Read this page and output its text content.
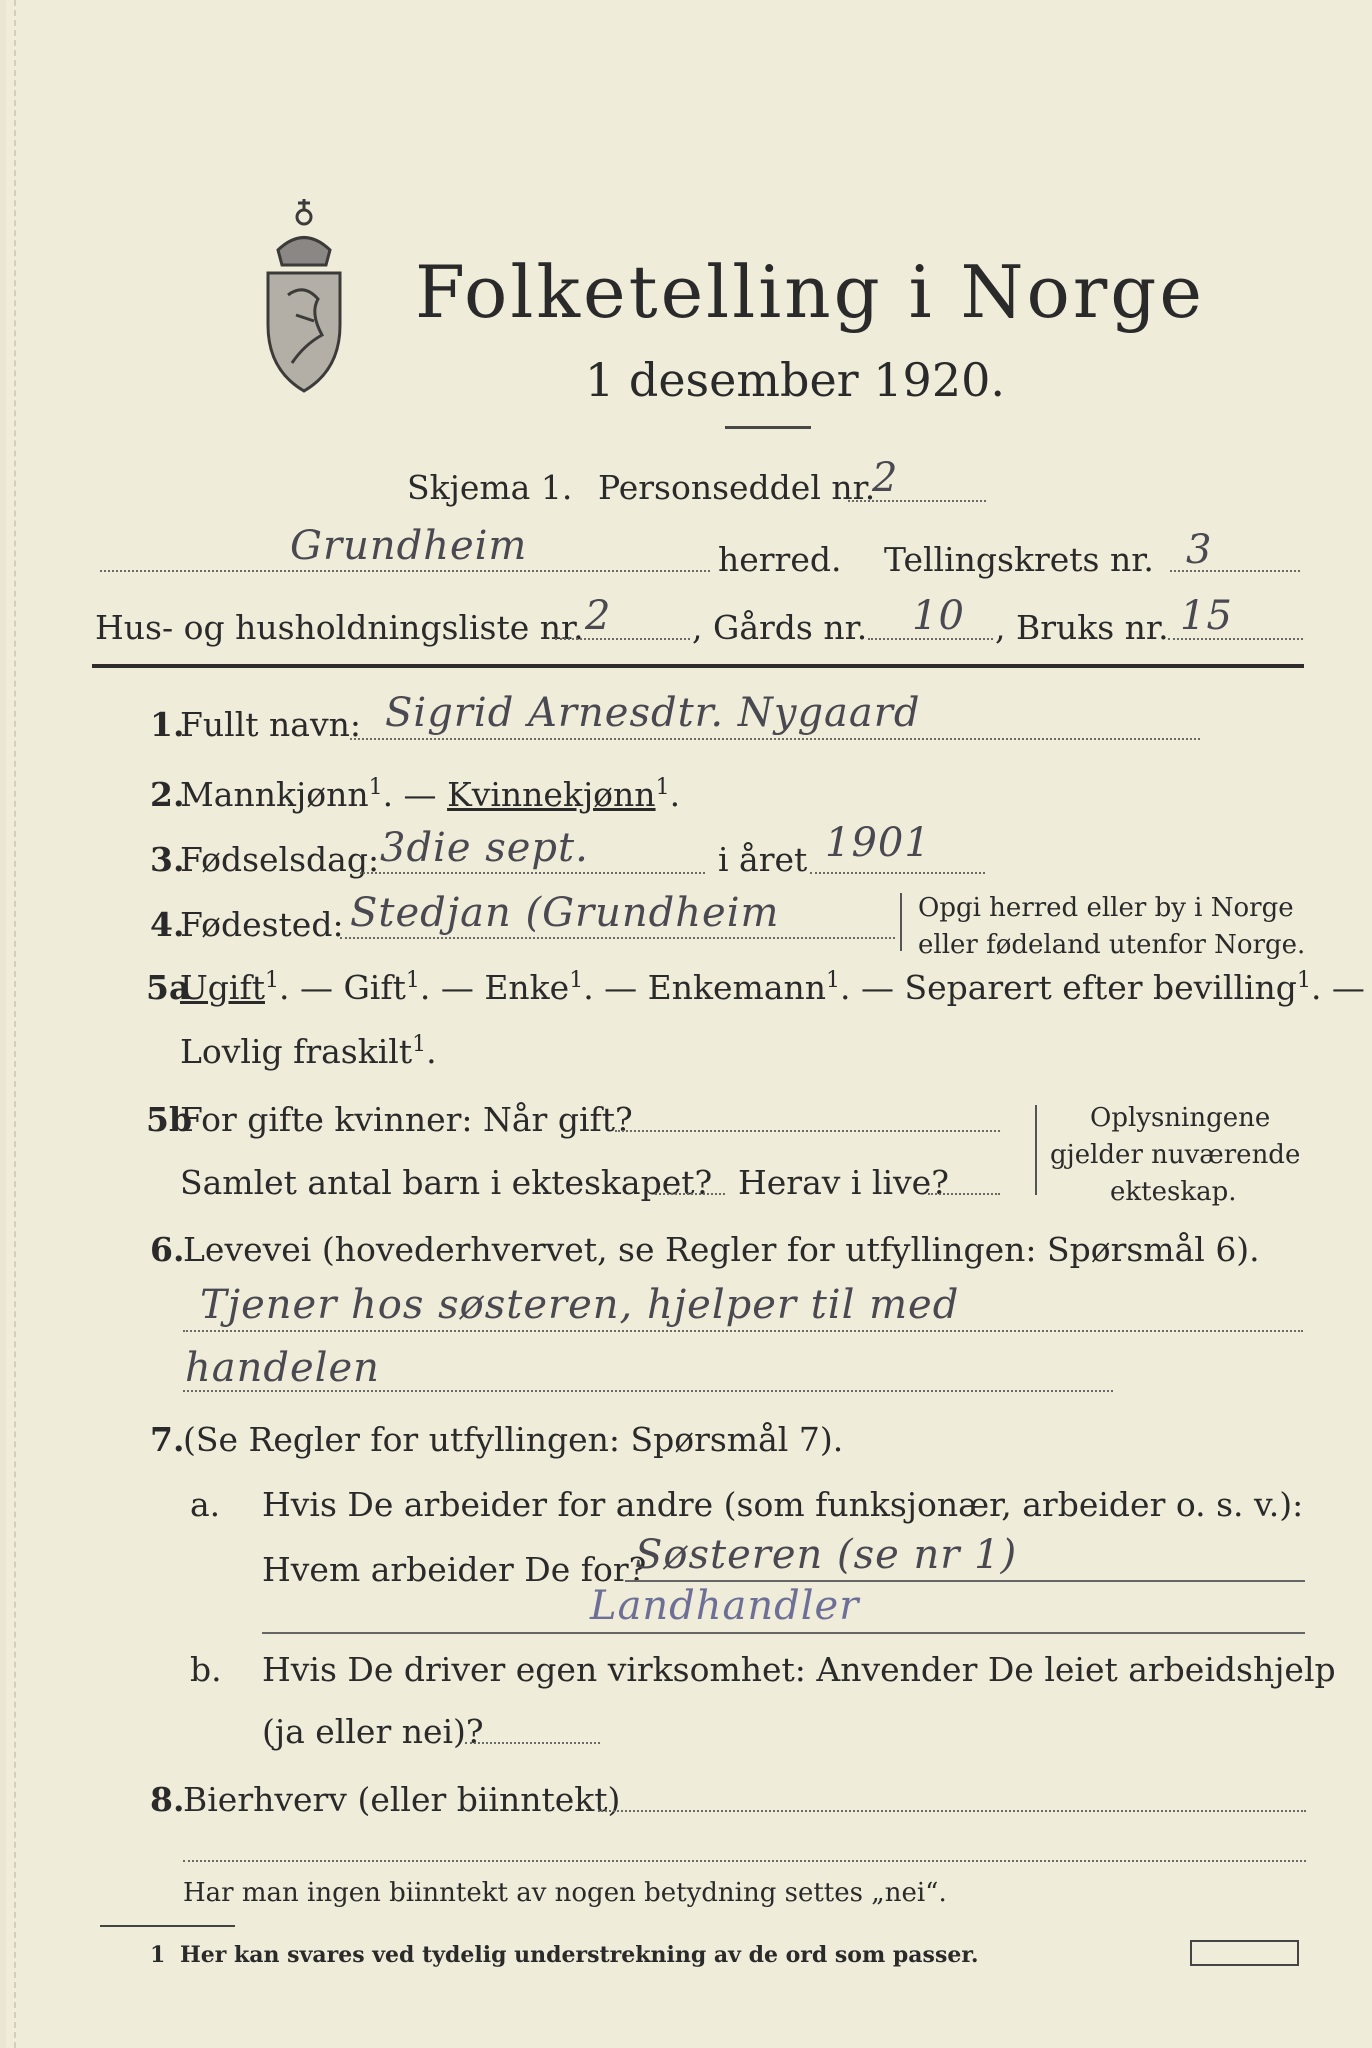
Folketelling i Norge
1 desember 1920.
Skjema 1. Personseddel nr.
2
Grundheim	herred. Tellingskrets nr. 3
Hus- og husholdningsliste nr. 2 , Gårds nr. 10 , Bruks nr. 15
1.
Fullt navn: Sigrid Arnesdtr. Nygaard
2.
Mannkjønn$^1$. — Kvinnekjønn$^1$.
3.
Fødselsdag: 3die sept.	i året 1901
4.
Fødested: Stedjan (Grundheim	Opgi herred eller by i Norge
eller fødeland utenfor Norge.
5a
Ugift$^1$. — Gift$^1$. — Enke$^1$. — Enkemann$^1$. — Separert efter bevilling$^1$. —
Lovlig fraskilt$^1$.
5b
For gifte kvinner: Når gift?
Samlet antal barn i ekteskapet? Herav i live?
Oplysningene
gjelder nuværende
ekteskap.
6.
Levevei (hovederhvervet, se Regler for utfyllingen: Spørsmål 6).
Tjener hos søsteren, hjelper til med
handelen
7.
(Se Regler for utfyllingen: Spørsmål 7).
a. Hvis De arbeider for andre (som funksjonær, arbeider o. s. v.):
Hvem arbeider De for?
Søsteren (se nr 1)
Landhandler
b. Hvis De driver egen virksomhet: Anvender De leiet arbeidshjelp
(ja eller nei)?
8.
Bierhverv (eller biinntekt)
Har man ingen biinntekt av nogen betydning settes „nei“.
1 Her kan svares ved tydelig understrekning av de ord som passer.
